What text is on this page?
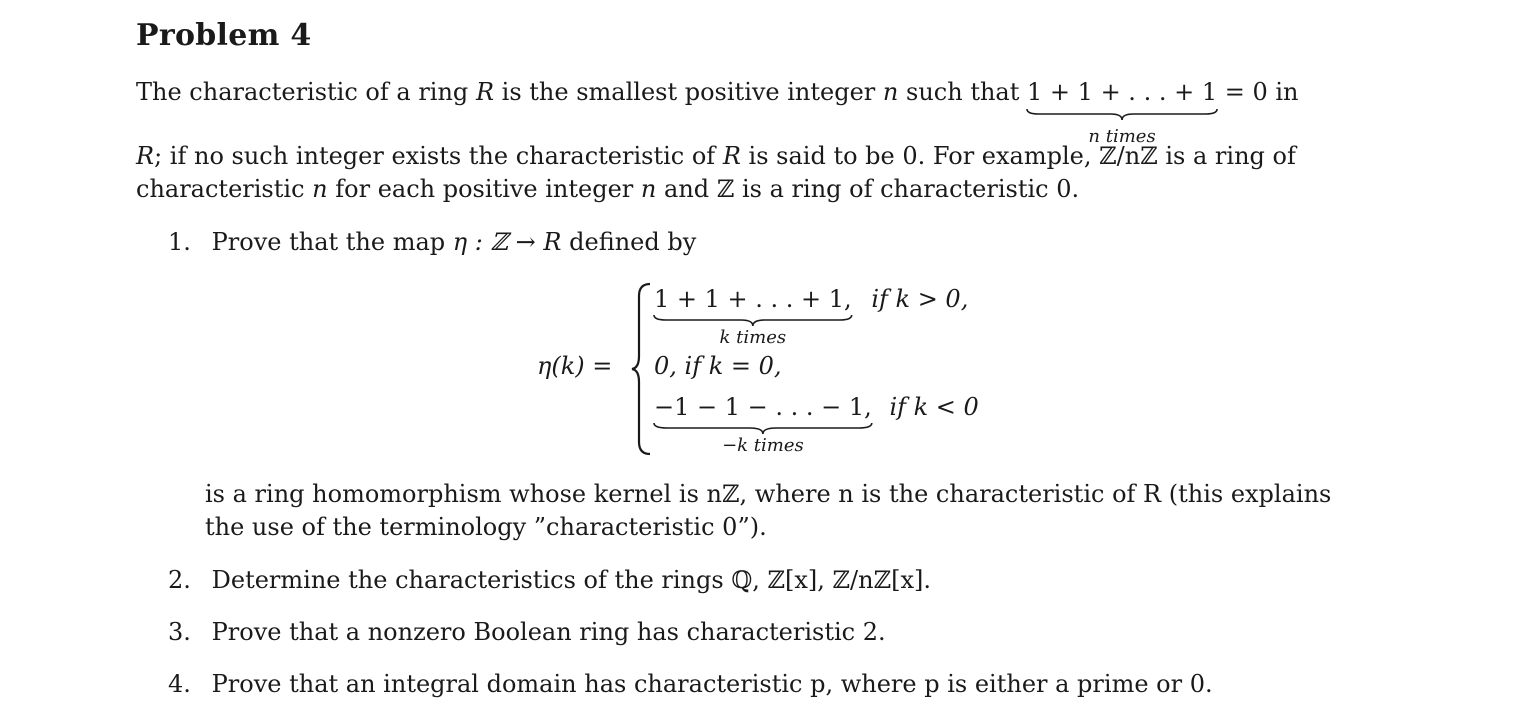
Problem 4
The characteristic of a ring R is the smallest positive integer n such that 1 + 1 + . . . + 1
n times
= 0 in
R; if no such integer exists the characteristic of R is said to be 0. For example, ℤ/nℤ is a ring of
characteristic n for each positive integer n and ℤ is a ring of characteristic 0.
1. Prove that the map η : ℤ → R defined by
η(k) =
1 + 1 + . . . + 1,
k times
if k > 0,
0, if k = 0,
−1 − 1 − . . . − 1,
−k times
if k < 0
is a ring homomorphism whose kernel is nℤ, where n is the characteristic of R (this explains
the use of the terminology ”characteristic 0”).
2. Determine the characteristics of the rings ℚ, ℤ[x], ℤ/nℤ[x].
3. Prove that a nonzero Boolean ring has characteristic 2.
4. Prove that an integral domain has characteristic p, where p is either a prime or 0.
